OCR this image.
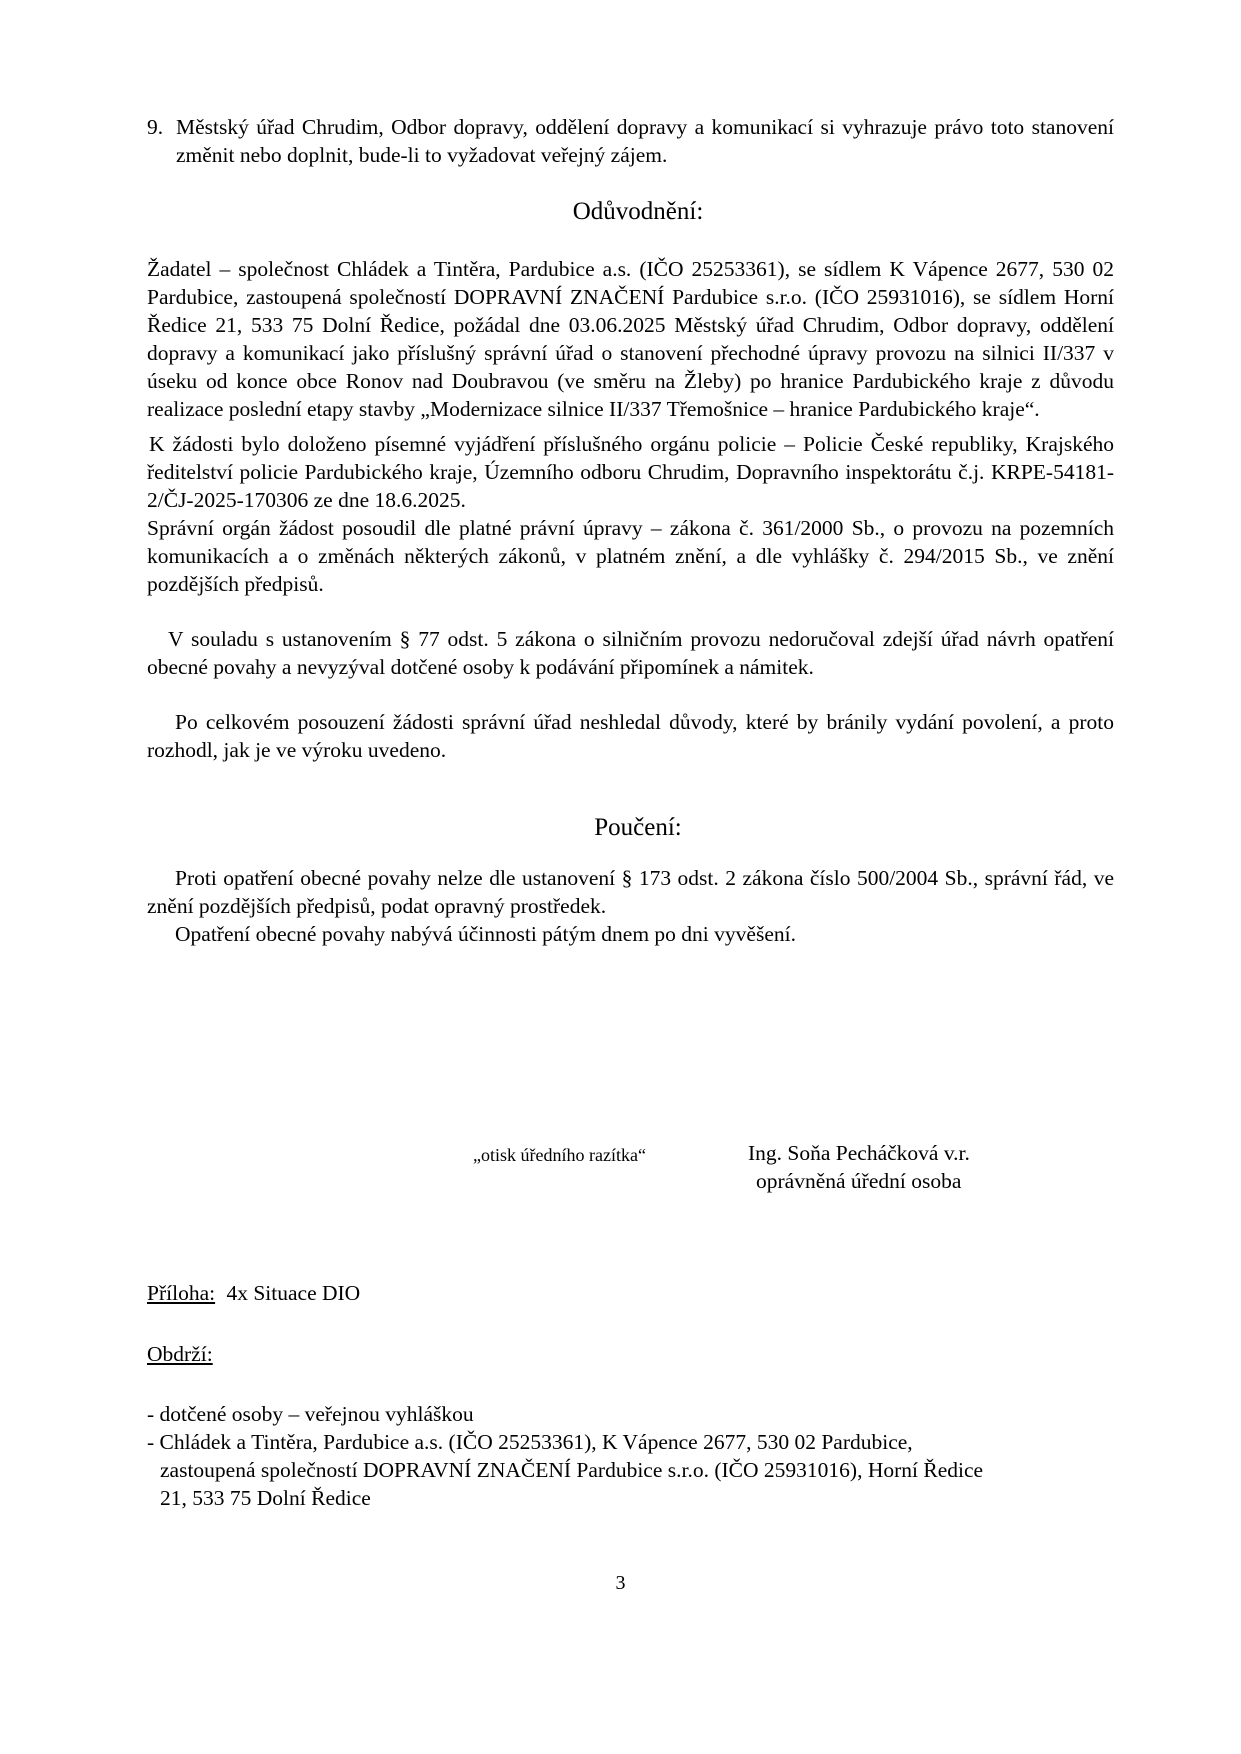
9. Městský úřad Chrudim, Odbor dopravy, oddělení dopravy a komunikací si vyhrazuje právo toto stanovení změnit nebo doplnit, bude-li to vyžadovat veřejný zájem.
Odůvodnění:

Žadatel – společnost Chládek a Tintěra, Pardubice a.s. (IČO 25253361), se sídlem K Vápence 2677, 530 02 Pardubice, zastoupená společností DOPRAVNÍ ZNAČENÍ Pardubice s.r.o. (IČO 25931016), se sídlem Horní Ředice 21, 533 75 Dolní Ředice, požádal dne 03.06.2025 Městský úřad Chrudim, Odbor dopravy, oddělení dopravy a komunikací jako příslušný správní úřad o stanovení přechodné úpravy provozu na silnici II/337 v úseku od konce obce Ronov nad Doubravou (ve směru na Žleby) po hranice Pardubického kraje z důvodu realizace poslední etapy stavby „Modernizace silnice II/337 Třemošnice – hranice Pardubického kraje“.

K žádosti bylo doloženo písemné vyjádření příslušného orgánu policie – Policie České republiky, Krajského ředitelství policie Pardubického kraje, Územního odboru Chrudim, Dopravního inspektorátu č.j. KRPE-54181-2/ČJ-2025-170306 ze dne 18.6.2025.

Správní orgán žádost posoudil dle platné právní úpravy – zákona č. 361/2000 Sb., o provozu na pozemních komunikacích a o změnách některých zákonů, v platném znění, a dle vyhlášky č. 294/2015 Sb., ve znění pozdějších předpisů.

V souladu s ustanovením § 77 odst. 5 zákona o silničním provozu nedoručoval zdejší úřad návrh opatření obecné povahy a nevyzýval dotčené osoby k podávání připomínek a námitek.

Po celkovém posouzení žádosti správní úřad neshledal důvody, které by bránily vydání povolení, a proto rozhodl, jak je ve výroku uvedeno.

Poučení:

Proti opatření obecné povahy nelze dle ustanovení § 173 odst. 2 zákona číslo 500/2004 Sb., správní řád, ve znění pozdějších předpisů, podat opravný prostředek.

Opatření obecné povahy nabývá účinnosti pátým dnem po dni vyvěšení.

„otisk úředního razítka“	Ing. Soňa Pecháčková v.r.
oprávněná úřední osoba
Příloha: 4x Situace DIO
Obdrží:
- dotčené osoby – veřejnou vyhláškou
- Chládek a Tintěra, Pardubice a.s. (IČO 25253361), K Vápence 2677, 530 02 Pardubice,
zastoupená společností DOPRAVNÍ ZNAČENÍ Pardubice s.r.o. (IČO 25931016), Horní Ředice
21, 533 75 Dolní Ředice
3
